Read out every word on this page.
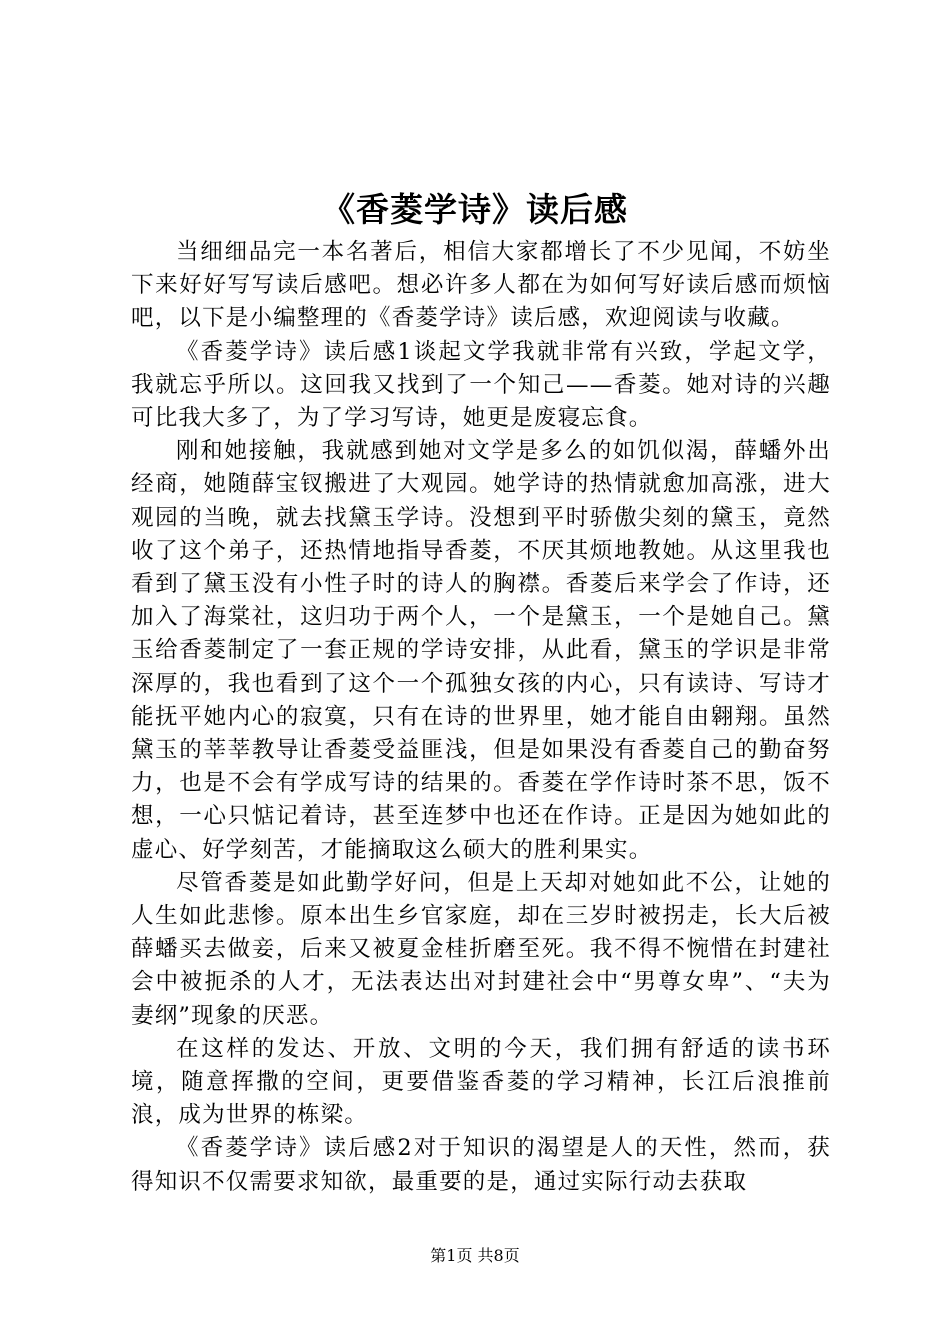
《香菱学诗》读后感

当细细品完一本名著后，相信大家都增长了不少见闻，不妨坐下来好好写写读后感吧。想必许多人都在为如何写好读后感而烦恼吧，以下是小编整理的《香菱学诗》读后感，欢迎阅读与收藏。

《香菱学诗》读后感1谈起文学我就非常有兴致，学起文学，我就忘乎所以。这回我又找到了一个知己——香菱。她对诗的兴趣可比我大多了，为了学习写诗，她更是废寝忘食。

刚和她接触，我就感到她对文学是多么的如饥似渴，薛蟠外出经商，她随薛宝钗搬进了大观园。她学诗的热情就愈加高涨，进大观园的当晚，就去找黛玉学诗。没想到平时骄傲尖刻的黛玉，竟然收了这个弟子，还热情地指导香菱，不厌其烦地教她。从这里我也看到了黛玉没有小性子时的诗人的胸襟。香菱后来学会了作诗，还加入了海棠社，这归功于两个人，一个是黛玉，一个是她自己。黛玉给香菱制定了一套正规的学诗安排，从此看，黛玉的学识是非常深厚的，我也看到了这个一个孤独女孩的内心，只有读诗、写诗才能抚平她内心的寂寞，只有在诗的世界里，她才能自由翱翔。虽然黛玉的莘莘教导让香菱受益匪浅，但是如果没有香菱自己的勤奋努力，也是不会有学成写诗的结果的。香菱在学作诗时茶不思，饭不想，一心只惦记着诗，甚至连梦中也还在作诗。正是因为她如此的虚心、好学刻苦，才能摘取这么硕大的胜利果实。

尽管香菱是如此勤学好问，但是上天却对她如此不公，让她的人生如此悲惨。原本出生乡官家庭，却在三岁时被拐走，长大后被薛蟠买去做妾，后来又被夏金桂折磨至死。我不得不惋惜在封建社会中被扼杀的人才，无法表达出对封建社会中“男尊女卑”、“夫为妻纲”现象的厌恶。

在这样的发达、开放、文明的今天，我们拥有舒适的读书环境，随意挥撒的空间，更要借鉴香菱的学习精神，长江后浪推前浪，成为世界的栋梁。

《香菱学诗》读后感2对于知识的渴望是人的天性，然而，获得知识不仅需要求知欲，最重要的是，通过实际行动去获取

第1页 共8页
